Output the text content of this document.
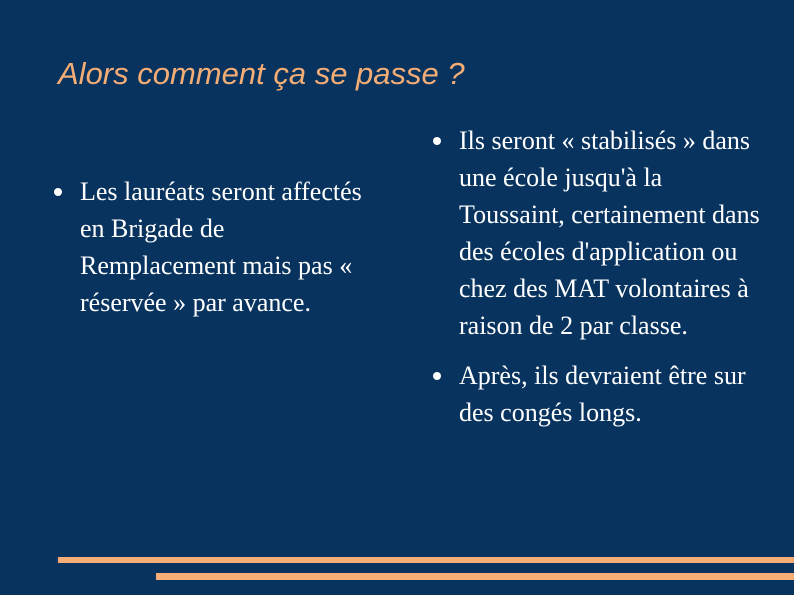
Alors comment ça se passe ?
Les lauréats seront affectés en Brigade de Remplacement mais pas « réservée » par avance.
Ils seront « stabilisés » dans une école jusqu'à la Toussaint, certainement dans des écoles d'application ou chez des MAT volontaires à raison de 2 par classe.
Après, ils devraient être sur des congés longs.
